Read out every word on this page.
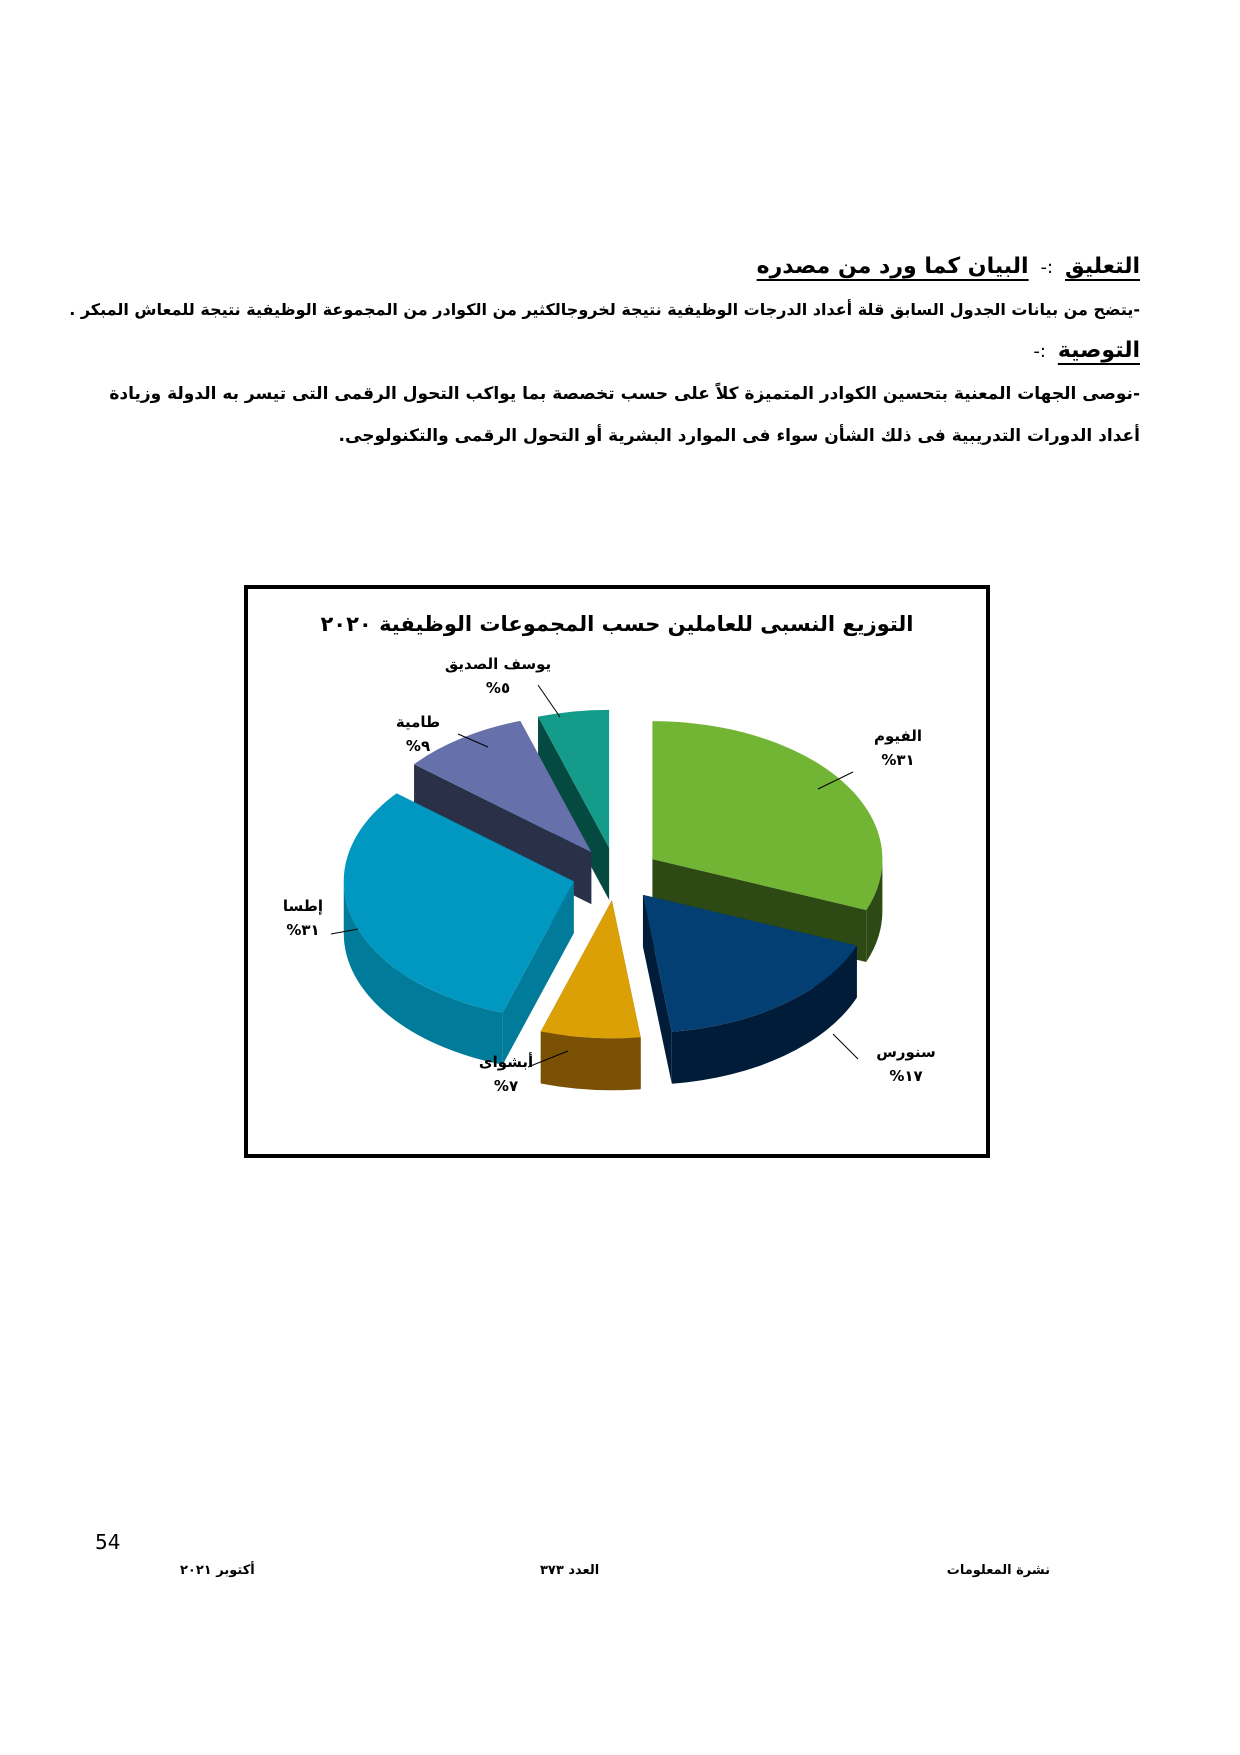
التعليق :- البيان كما ورد من مصدره
-يتضح من بيانات الجدول السابق قلة أعداد الدرجات الوظيفية نتيجة لخروجالكثير من الكوادر من المجموعة الوظيفية نتيجة للمعاش المبكر .
التوصية :-
-نوصى الجهات المعنية بتحسين الكوادر المتميزة كلاً على حسب تخصصة بما يواكب التحول الرقمى التى تيسر به الدولة وزيادة
أعداد الدورات التدريبية فى ذلك الشأن سواء فى الموارد البشرية أو التحول الرقمى والتكنولوجى.
التوزيع النسبى للعاملين حسب المجموعات الوظيفية ٢٠٢٠
الفيوم
%٣١
سنورس
%١٧
أبشواى
%٧
إطسا
%٣١
طامية
%٩
يوسف الصديق
%٥
54
نشرة المعلومات
العدد ٣٧٣
أكتوبر ٢٠٢١
